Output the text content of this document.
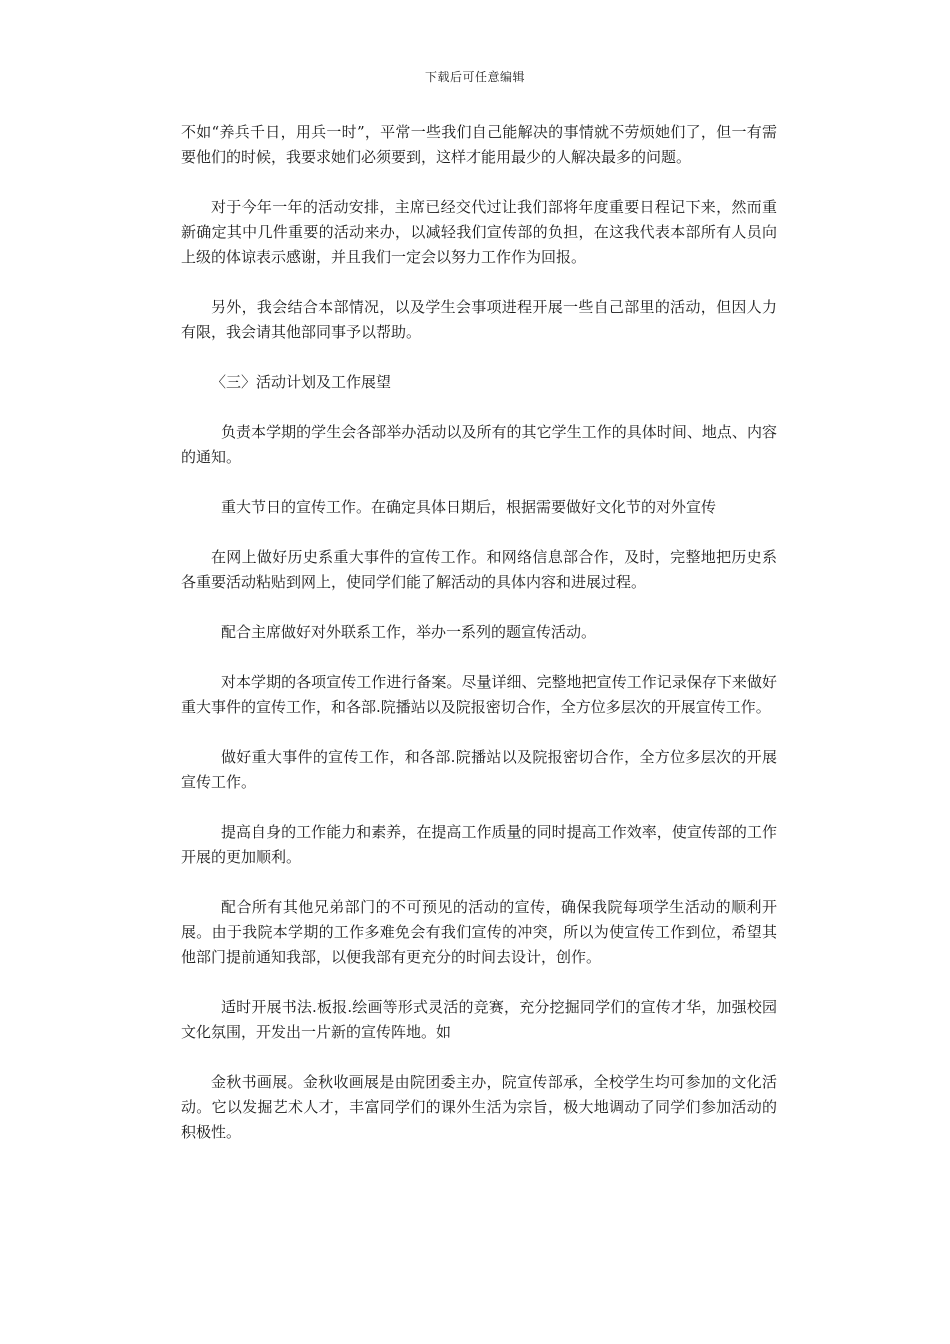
下载后可任意编辑

不如“养兵千日，用兵一时”，平常一些我们自己能解决的事情就不劳烦她们了，但一有需要他们的时候，我要求她们必须要到，这样才能用最少的人解决最多的问题。

对于今年一年的活动安排，主席已经交代过让我们部将年度重要日程记下来，然而重新确定其中几件重要的活动来办，以减轻我们宣传部的负担，在这我代表本部所有人员向上级的体谅表示感谢，并且我们一定会以努力工作作为回报。

另外，我会结合本部情况，以及学生会事项进程开展一些自己部里的活动，但因人力有限，我会请其他部同事予以帮助。

〈三〉活动计划及工作展望

负责本学期的学生会各部举办活动以及所有的其它学生工作的具体时间、地点、内容的通知。

重大节日的宣传工作。在确定具体日期后，根据需要做好文化节的对外宣传

在网上做好历史系重大事件的宣传工作。和网络信息部合作，及时，完整地把历史系各重要活动粘贴到网上，使同学们能了解活动的具体内容和进展过程。

配合主席做好对外联系工作，举办一系列的题宣传活动。

对本学期的各项宣传工作进行备案。尽量详细、完整地把宣传工作记录保存下来做好重大事件的宣传工作，和各部.院播站以及院报密切合作，全方位多层次的开展宣传工作。

做好重大事件的宣传工作，和各部.院播站以及院报密切合作，全方位多层次的开展宣传工作。

提高自身的工作能力和素养，在提高工作质量的同时提高工作效率，使宣传部的工作开展的更加顺利。

配合所有其他兄弟部门的不可预见的活动的宣传，确保我院每项学生活动的顺利开展。由于我院本学期的工作多难免会有我们宣传的冲突，所以为使宣传工作到位，希望其他部门提前通知我部，以便我部有更充分的时间去设计，创作。

适时开展书法.板报.绘画等形式灵活的竞赛，充分挖掘同学们的宣传才华，加强校园文化氛围，开发出一片新的宣传阵地。如

金秋书画展。金秋收画展是由院团委主办，院宣传部承，全校学生均可参加的文化活动。它以发掘艺术人才，丰富同学们的课外生活为宗旨，极大地调动了同学们参加活动的积极性。
